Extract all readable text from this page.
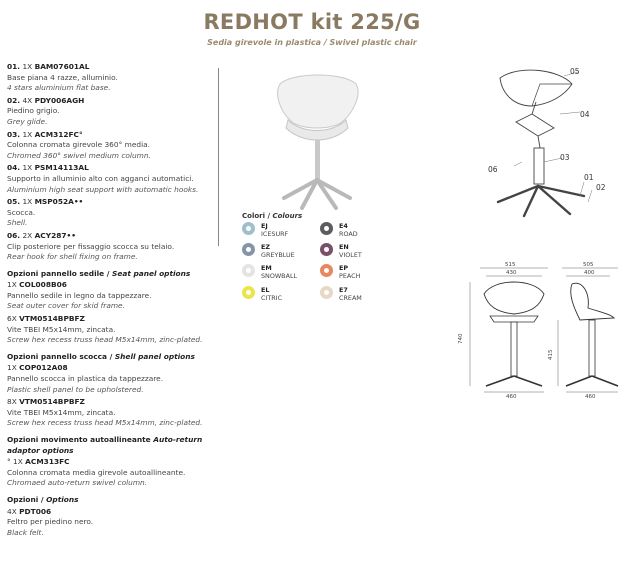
REDHOT kit 225/G
Sedia girevole in plastica / Swivel plastic chair
01. 1X BAM07601AL
Base piana 4 razze, alluminio.
4 stars aluminium flat base.
02. 4X PDY006AGH
Piedino grigio.
Grey glide.
03. 1X ACM312FC°
Colonna cromata girevole 360° media.
Chromed 360° swivel medium column.
04. 1X PSM14113AL
Supporto in alluminio alto con agganci automatici.
Aluminium high seat support with automatic hooks.
05. 1X MSP052A••
Scocca.
Shell.
06. 2X ACY287••
Clip posteriore per fissaggio scocca su telaio.
Rear hook for shell fixing on frame.
Opzioni pannello sedile / Seat panel options
1X COL008B06
Pannello sedile in legno da tappezzare.
Seat outer cover for skid frame.
6X VTM0514BPBFZ
Vite TBEI M5x14mm, zincata.
Screw hex recess truss head M5x14mm, zinc-plated.
Opzioni pannello scocca / Shell panel options
1X COP012A08
Pannello scocca in plastica da tappezzare.
Plastic shell panel to be upholstered.
8X VTM0514BPBFZ
Vite TBEI M5x14mm, zincata.
Screw hex recess truss head M5x14mm, zinc-plated.
Opzioni movimento autoallineante Auto-return adaptor options
° 1X ACM313FC
Colonna cromata media girevole autoallineante.
Chromaed auto-return swivel column.
Opzioni / Options
4X PDT006
Feltro per piedino nero.
Black felt.
05
04
03
06
01
02
Colori / Colours
EJ
ICESURF
E4
ROAD
EZ
GREYBLUE
EN
VIOLET
EM
SNOWBALL
EP
PEACH
EL
CITRIC
E7
CREAM
515
430
740
460
505
400
415
460
